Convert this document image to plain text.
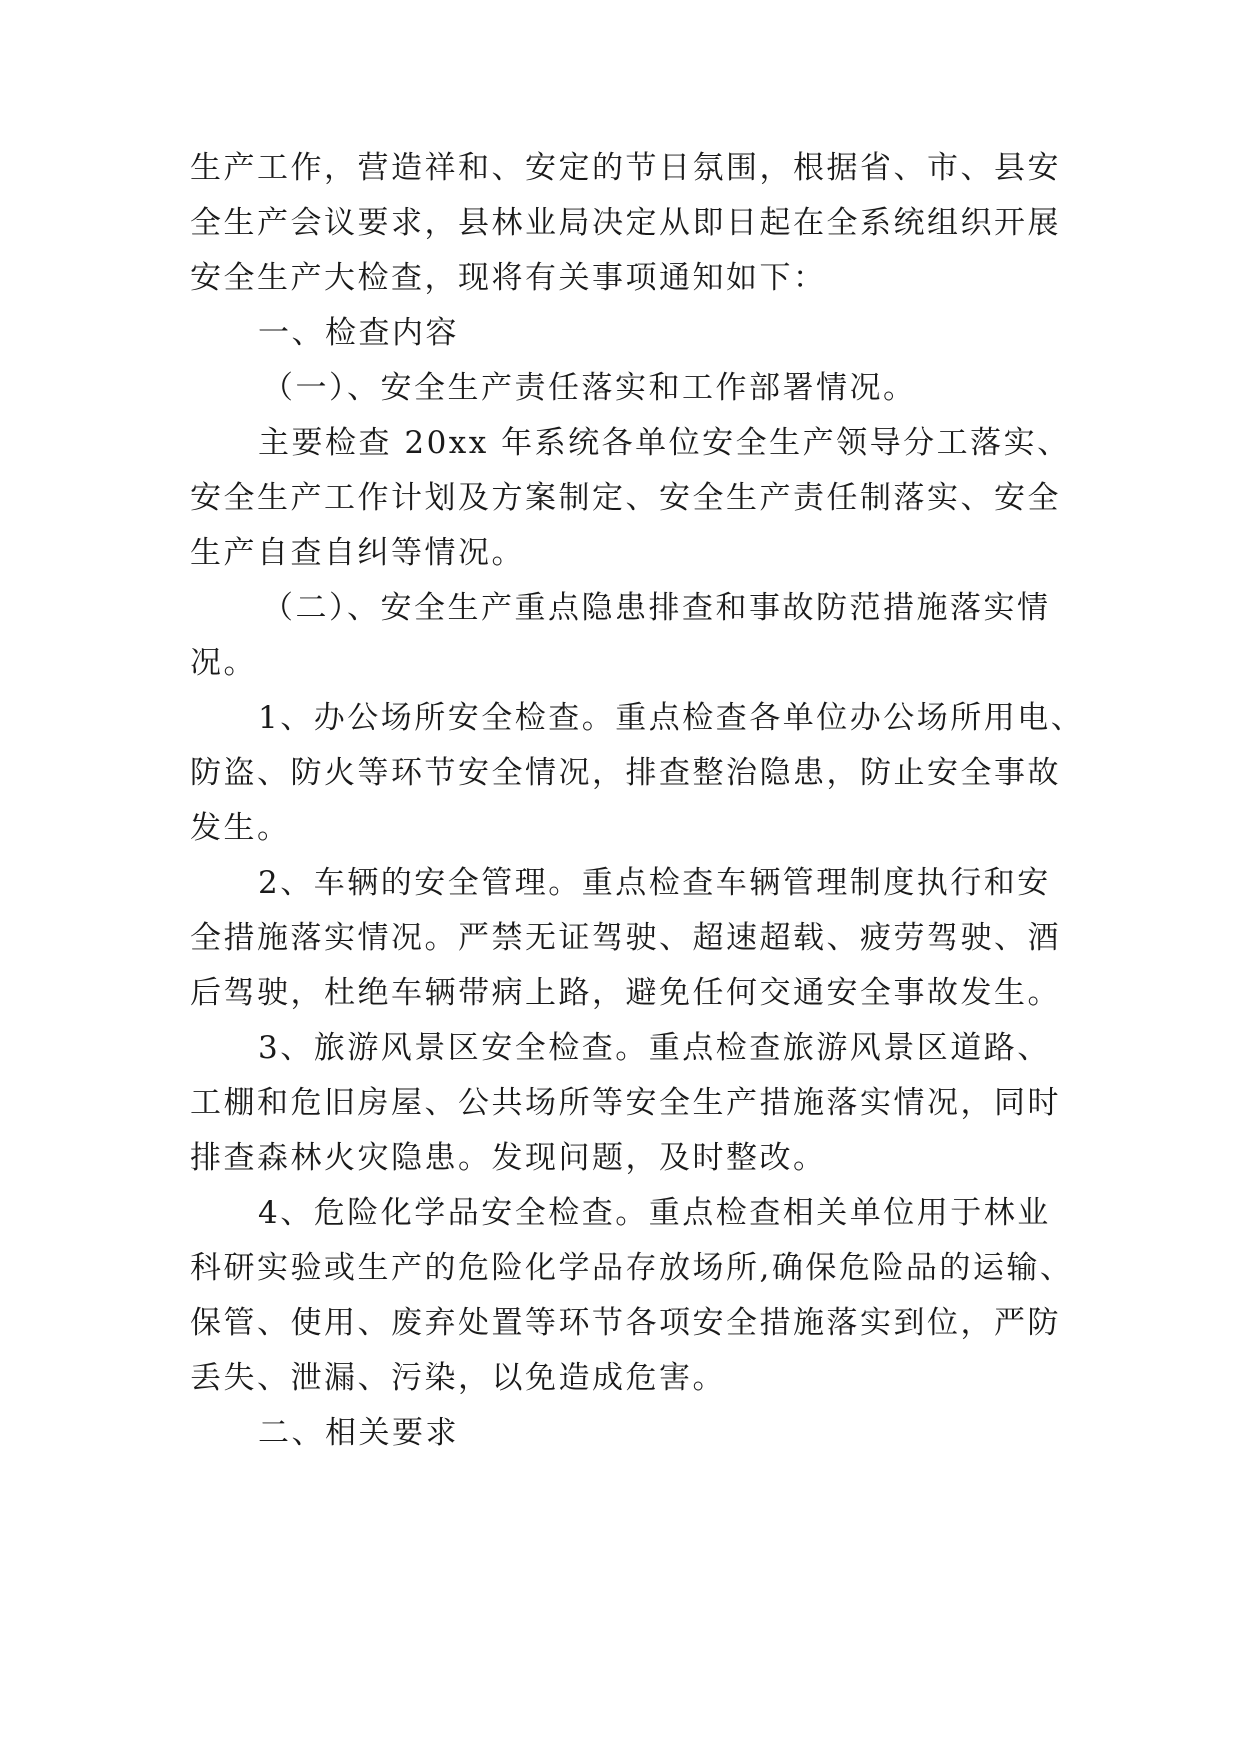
生产工作，营造祥和、安定的节日氛围，根据省、市、县安
全生产会议要求，县林业局决定从即日起在全系统组织开展
安全生产大检查，现将有关事项通知如下：
一、检查内容
（一）、安全生产责任落实和工作部署情况。
主要检查 20xx 年系统各单位安全生产领导分工落实、
安全生产工作计划及方案制定、安全生产责任制落实、安全
生产自查自纠等情况。
（二）、安全生产重点隐患排查和事故防范措施落实情
况。
1、办公场所安全检查。重点检查各单位办公场所用电、
防盗、防火等环节安全情况，排查整治隐患，防止安全事故
发生。
2、车辆的安全管理。重点检查车辆管理制度执行和安
全措施落实情况。严禁无证驾驶、超速超载、疲劳驾驶、酒
后驾驶，杜绝车辆带病上路，避免任何交通安全事故发生。
3、旅游风景区安全检查。重点检查旅游风景区道路、
工棚和危旧房屋、公共场所等安全生产措施落实情况，同时
排查森林火灾隐患。发现问题，及时整改。
4、危险化学品安全检查。重点检查相关单位用于林业
科研实验或生产的危险化学品存放场所,确保危险品的运输、
保管、使用、废弃处置等环节各项安全措施落实到位，严防
丢失、泄漏、污染，以免造成危害。
二、相关要求
